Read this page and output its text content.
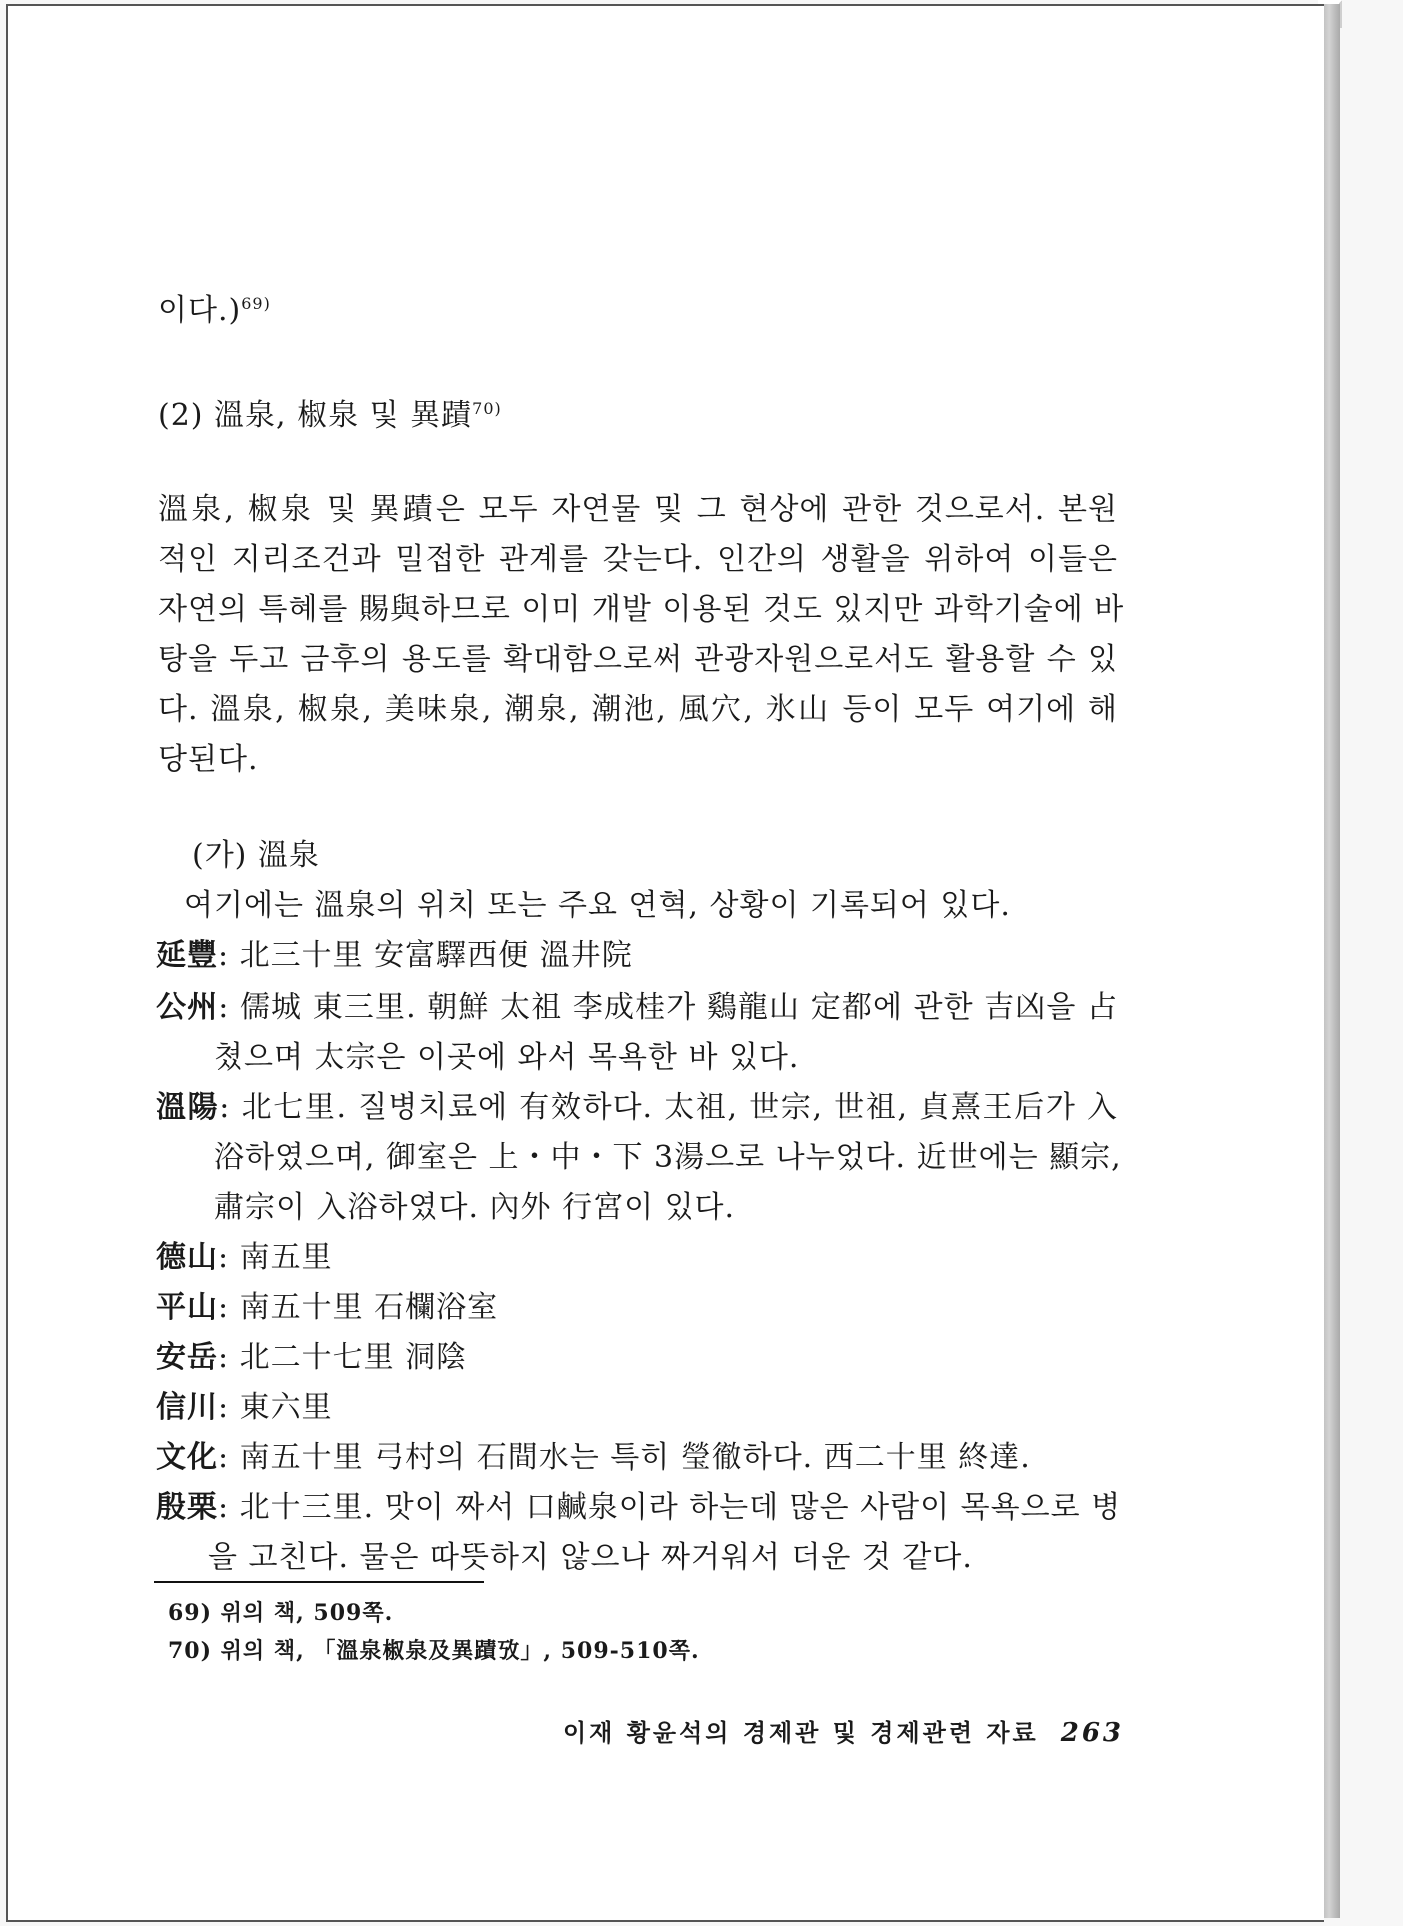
이다.)$^{69)}$
(2) 溫泉, 椒泉 및 異蹟$^{70)}$
溫泉, 椒泉 및 異蹟은 모두 자연물 및 그 현상에 관한 것으로서. 본원
적인 지리조건과 밀접한 관계를 갖는다. 인간의 생활을 위하여 이들은
자연의 특혜를 賜與하므로 이미 개발 이용된 것도 있지만 과학기술에 바
탕을 두고 금후의 용도를 확대함으로써 관광자원으로서도 활용할 수 있
다. 溫泉, 椒泉, 美味泉, 潮泉, 潮池, 風穴, 氷山 등이 모두 여기에 해
당된다.
(가) 溫泉
여기에는 溫泉의 위치 또는 주요 연혁, 상황이 기록되어 있다.
延豐: 北三十里 安富驛西便 溫井院
公州: 儒城 東三里. 朝鮮 太祖 李成桂가 鷄龍山 定都에 관한 吉凶을 占
쳤으며 太宗은 이곳에 와서 목욕한 바 있다.
溫陽: 北七里. 질병치료에 有效하다. 太祖, 世宗, 世祖, 貞熹王后가 入
浴하였으며, 御室은 上・中・下 3湯으로 나누었다. 近世에는 顯宗,
肅宗이 入浴하였다. 內外 行宮이 있다.
德山: 南五里
平山: 南五十里 石欄浴室
安岳: 北二十七里 洞陰
信川: 東六里
文化: 南五十里 弓村의 石間水는 특히 瑩徹하다. 西二十里 終達.
殷栗: 北十三里. 맛이 짜서 口鹹泉이라 하는데 많은 사람이 목욕으로 병
을 고친다. 물은 따뜻하지 않으나 짜거워서 더운 것 같다.
69) 위의 책, 509쪽.
70) 위의 책, 「溫泉椒泉及異蹟攷」, 509-510쪽.
이재 황윤석의 경제관 및 경제관련 자료 263
